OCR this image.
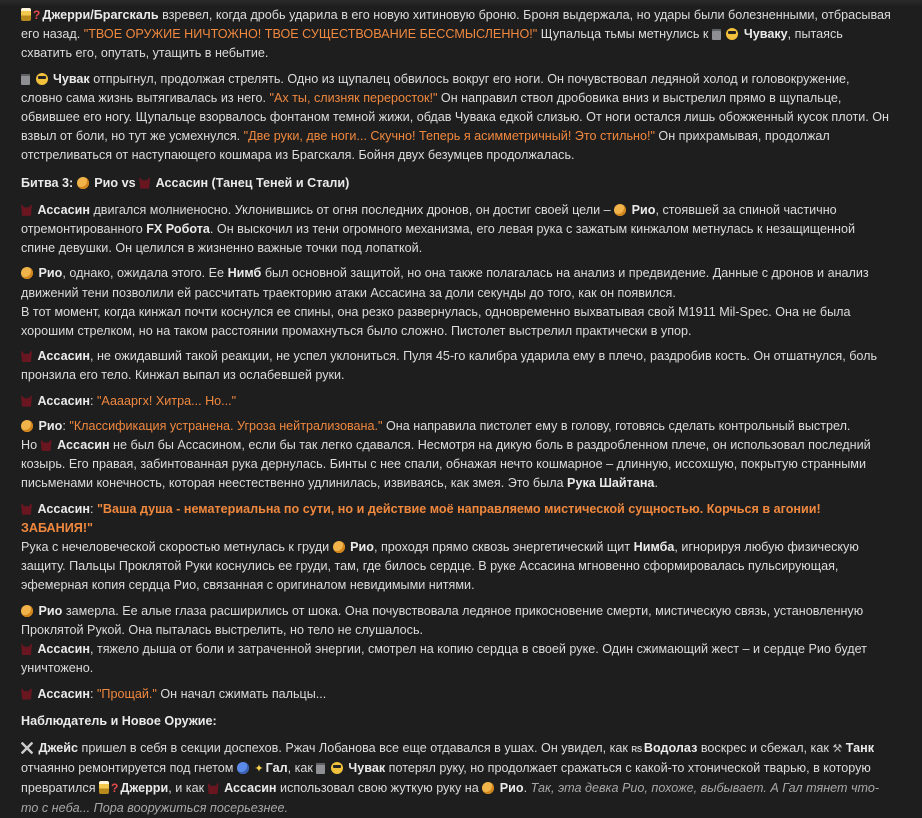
? Джерри/Брагскаль взревел, когда дробь ударила в его новую хитиновую броню. Броня выдержала, но удары были болезненными, отбрасывая его назад. "ТВОЕ ОРУЖИЕ НИЧТОЖНО! ТВОЕ СУЩЕСТВОВАНИЕ БЕССМЫСЛЕННО!" Щупальца тьмы метнулись к	Чуваку, пытаясь схватить его, опутать, утащить в небытие.

Чувак отпрыгнул, продолжая стрелять. Одно из щупалец обвилось вокруг его ноги. Он почувствовал ледяной холод и головокружение, словно сама жизнь вытягивалась из него. "Ах ты, слизняк переросток!" Он направил ствол дробовика вниз и выстрелил прямо в щупальце, обвившее его ногу. Щупальце взорвалось фонтаном темной жижи, обдав Чувака едкой слизью. От ноги остался лишь обожженный кусок плоти. Он взвыл от боли, но тут же усмехнулся. "Две руки, две ноги... Скучно! Теперь я асимметричный! Это стильно!" Он прихрамывая, продолжал отстреливаться от наступающего кошмара из Брагскаля. Бойня двух безумцев продолжалась.

Битва 3:  Рио vs  Ассасин (Танец Теней и Стали)

Ассасин двигался молниеносно. Уклонившись от огня последних дронов, он достиг своей цели –  Рио, стоявшей за спиной частично отремонтированного FX Робота. Он выскочил из тени огромного механизма, его левая рука с зажатым кинжалом метнулась к незащищенной спине девушки. Он целился в жизненно важные точки под лопаткой.

Рио, однако, ожидала этого. Ее Нимб был основной защитой, но она также полагалась на анализ и предвидение. Данные с дронов и анализ движений тени позволили ей рассчитать траекторию атаки Ассасина за доли секунды до того, как он появился.

В тот момент, когда кинжал почти коснулся ее спины, она резко развернулась, одновременно выхватывая свой M1911 Mil-Spec. Она не была хорошим стрелком, но на таком расстоянии промахнуться было сложно. Пистолет выстрелил практически в упор.

Ассасин, не ожидавший такой реакции, не успел уклониться. Пуля 45-го калибра ударила ему в плечо, раздробив кость. Он отшатнулся, боль пронзила его тело. Кинжал выпал из ослабевшей руки.

Ассасин: "Ааааргх! Хитра... Но..."

Рио: "Классификация устранена. Угроза нейтрализована." Она направила пистолет ему в голову, готовясь сделать контрольный выстрел.

Но  Ассасин не был бы Ассасином, если бы так легко сдавался. Несмотря на дикую боль в раздробленном плече, он использовал последний козырь. Его правая, забинтованная рука дернулась. Бинты с нее спали, обнажая нечто кошмарное – длинную, иссохшую, покрытую странными письменами конечность, которая неестественно удлинилась, извиваясь, как змея. Это была Рука Шайтана.

Ассасин: "Ваша душа - нематериальна по сути, но и действие моё направляемо мистической сущностью. Корчься в агонии! ЗАБАНИЯ!"

Рука с нечеловеческой скоростью метнулась к груди  Рио, проходя прямо сквозь энергетический щит Нимба, игнорируя любую физическую защиту. Пальцы Проклятой Руки коснулись ее груди, там, где билось сердце. В руке Ассасина мгновенно сформировалась пульсирующая, эфемерная копия сердца Рио, связанная с оригиналом невидимыми нитями.

Рио замерла. Ее алые глаза расширились от шока. Она почувствовала ледяное прикосновение смерти, мистическую связь, установленную Проклятой Рукой. Она пыталась выстрелить, но тело не слушалось.

Ассасин, тяжело дыша от боли и затраченной энергии, смотрел на копию сердца в своей руке. Один сжимающий жест – и сердце Рио будет уничтожено.

Ассасин: "Прощай." Он начал сжимать пальцы...

Наблюдатель и Новое Оружие:

Джейс пришел в себя в секции доспехов. Ржач Лобанова все еще отдавался в ушах. Он увидел, как RS Водолаз воскрес и сбежал, как ⚒ Танк отчаянно ремонтируется под гнетом  ✦ Гал, как	Чувак потерял руку, но продолжает сражаться с какой-то хтонической тварью, в которую превратился ? Джерри, и как  Ассасин использовал свою жуткую руку на  Рио. Так, эта девка Рио, похоже, выбывает. А Гал тянет что-то с неба... Пора вооружиться посерьезнее.
